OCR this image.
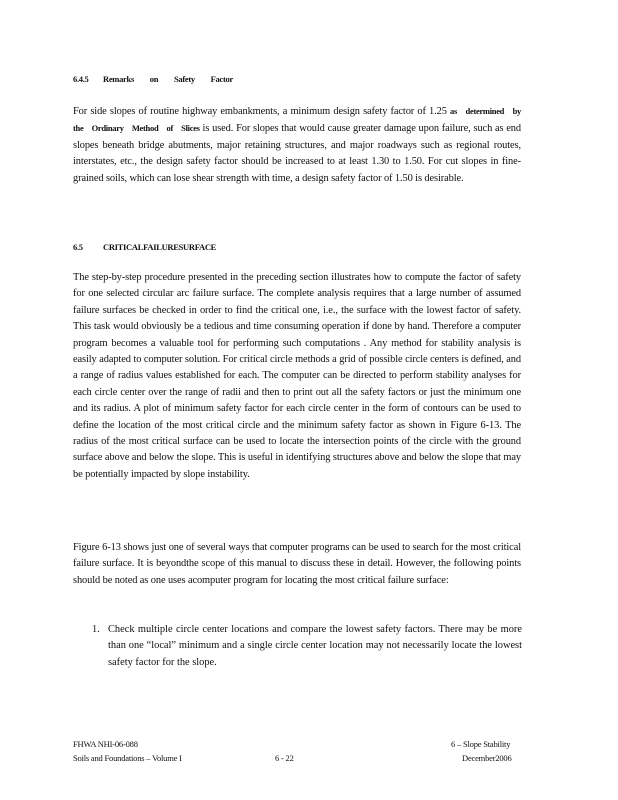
6.4.5 Remarks on Safety Factor
For side slopes of routine highway embankments, a minimum design safety factor of 1.25 as determined by the Ordinary Method of Slices is used. For slopes that would cause greater damage upon failure, such as end slopes beneath bridge abutments, major retaining structures, and major roadways such as regional routes, interstates, etc., the design safety factor should be increased to at least 1.30 to 1.50. For cut slopes in fine-grained soils, which can lose shear strength with time, a design safety factor of 1.50 is desirable.
6.5 CRITICALFAILURESURFACE
The step-by-step procedure presented in the preceding section illustrates how to compute the factor of safety for one selected circular arc failure surface. The complete analysis requires that a large number of assumed failure surfaces be checked in order to find the critical one, i.e., the surface with the lowest factor of safety. This task would obviously be a tedious and time consuming operation if done by hand. Therefore a computer program becomes a valuable tool for performing such computations . Any method for stability analysis is easily adapted to computer solution. For critical circle methods a grid of possible circle centers is defined, and a range of radius values established for each. The computer can be directed to perform stability analyses for each circle center over the range of radii and then to print out all the safety factors or just the minimum one and its radius. A plot of minimum safety factor for each circle center in the form of contours can be used to define the location of the most critical circle and the minimum safety factor as shown in Figure 6-13. The radius of the most critical surface can be used to locate the intersection points of the circle with the ground surface above and below the slope. This is useful in identifying structures above and below the slope that may be potentially impacted by slope instability.
Figure 6-13 shows just one of several ways that computer programs can be used to search for the most critical failure surface. It is beyondthe scope of this manual to discuss these in detail. However, the following points should be noted as one uses acomputer program for locating the most critical failure surface:
1. Check multiple circle center locations and compare the lowest safety factors. There may be more than one “local” minimum and a single circle center location may not necessarily locate the lowest safety factor for the slope.
FHWA NHI-06-088
Soils and Foundations – Volume I	6 - 22
6 – Slope Stability
December2006
